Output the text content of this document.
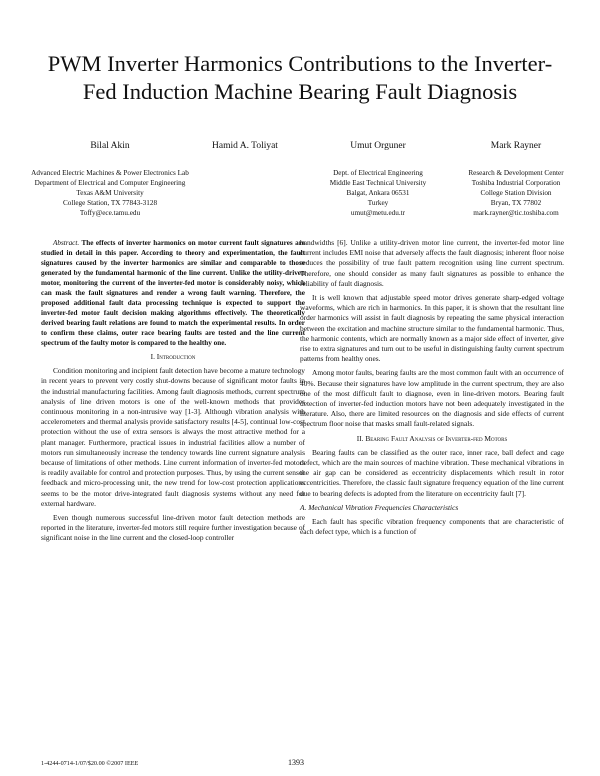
PWM Inverter Harmonics Contributions to the Inverter-Fed Induction Machine Bearing Fault Diagnosis
Bilal Akin
Advanced Electric Machines & Power Electronics Lab
Department of Electrical and Computer Engineering
Texas A&M University
College Station, TX 77843-3128
Toffy@ece.tamu.edu
Hamid A. Toliyat	Umut Orguner
Dept. of Electrical Engineering
Middle East Technical University
Balgat, Ankara 06531
Turkey
umut@metu.edu.tr
Mark Rayner
Research & Development Center
Toshiba Industrial Corporation
College Station Division
Bryan, TX 77802
mark.rayner@tic.toshiba.com

Abstract. The effects of inverter harmonics on motor current fault signatures are studied in detail in this paper. According to theory and experimentation, the fault signatures caused by the inverter harmonics are similar and comparable to those generated by the fundamental harmonic of the line current. Unlike the utility-driven motor, monitoring the current of the inverter-fed motor is considerably noisy, which can mask the fault signatures and render a wrong fault warning. Therefore, the proposed additional fault data processing technique is expected to support the inverter-fed motor fault decision making algorithms effectively. The theoretically derived bearing fault relations are found to match the experimental results. In order to confirm these claims, outer race bearing faults are tested and the line current spectrum of the faulty motor is compared to the healthy one.

I. Introduction

Condition monitoring and incipient fault detection have become a mature technology in recent years to prevent very costly shut-downs because of significant motor faults in the industrial manufacturing facilities. Among fault diagnosis methods, current spectrum analysis of line driven motors is one of the well-known methods that provides continuous monitoring in a non-intrusive way [1-3]. Although vibration analysis with accelerometers and thermal analysis provide satisfactory results [4-5], continual low-cost protection without the use of extra sensors is always the most attractive method for a plant manager. Furthermore, practical issues in industrial facilities allow a number of motors run simultaneously increase the tendency towards line current signature analysis because of limitations of other methods. Line current information of inverter-fed motors is readily available for control and protection purposes. Thus, by using the current sensor feedback and micro-processing unit, the new trend for low-cost protection applications seems to be the motor drive-integrated fault diagnosis systems without any need for external hardware.

Even though numerous successful line-driven motor fault detection methods are reported in the literature, inverter-fed motors still require further investigation because of significant noise in the line current and the closed-loop controller

bandwidths [6]. Unlike a utility-driven motor line current, the inverter-fed motor line current includes EMI noise that adversely affects the fault diagnosis; inherent floor noise reduces the possibility of true fault pattern recognition using line current spectrum. Therefore, one should consider as many fault signatures as possible to enhance the reliability of fault diagnosis.

It is well known that adjustable speed motor drives generate sharp-edged voltage waveforms, which are rich in harmonics. In this paper, it is shown that the resultant line order harmonics will assist in fault diagnosis by repeating the same physical interaction between the excitation and machine structure similar to the fundamental harmonic. Thus, the harmonic contents, which are normally known as a major side effect of inverter, give rise to extra signatures and turn out to be useful in distinguishing faulty current spectrum patterns from healthy ones.

Among motor faults, bearing faults are the most common fault with an occurrence of 40%. Because their signatures have low amplitude in the current spectrum, they are also one of the most difficult fault to diagnose, even in line-driven motors. Bearing fault detection of inverter-fed induction motors have not been adequately investigated in the literature. Also, there are limited resources on the diagnosis and side effects of current spectrum floor noise that masks small fault-related signals.

II. Bearing Fault Analysis of Inverter-fed Motors

Bearing faults can be classified as the outer race, inner race, ball defect and cage defect, which are the main sources of machine vibration. These mechanical vibrations in the air gap can be considered as eccentricity displacements which result in rotor eccentricities. Therefore, the classic fault signature frequency equation of the line current due to bearing defects is adopted from the literature on eccentricity fault [7].

A. Mechanical Vibration Frequencies Characteristics

Each fault has specific vibration frequency components that are characteristic of each defect type, which is a function of

1-4244-0714-1/07/$20.00 ©2007 IEEE	1393
